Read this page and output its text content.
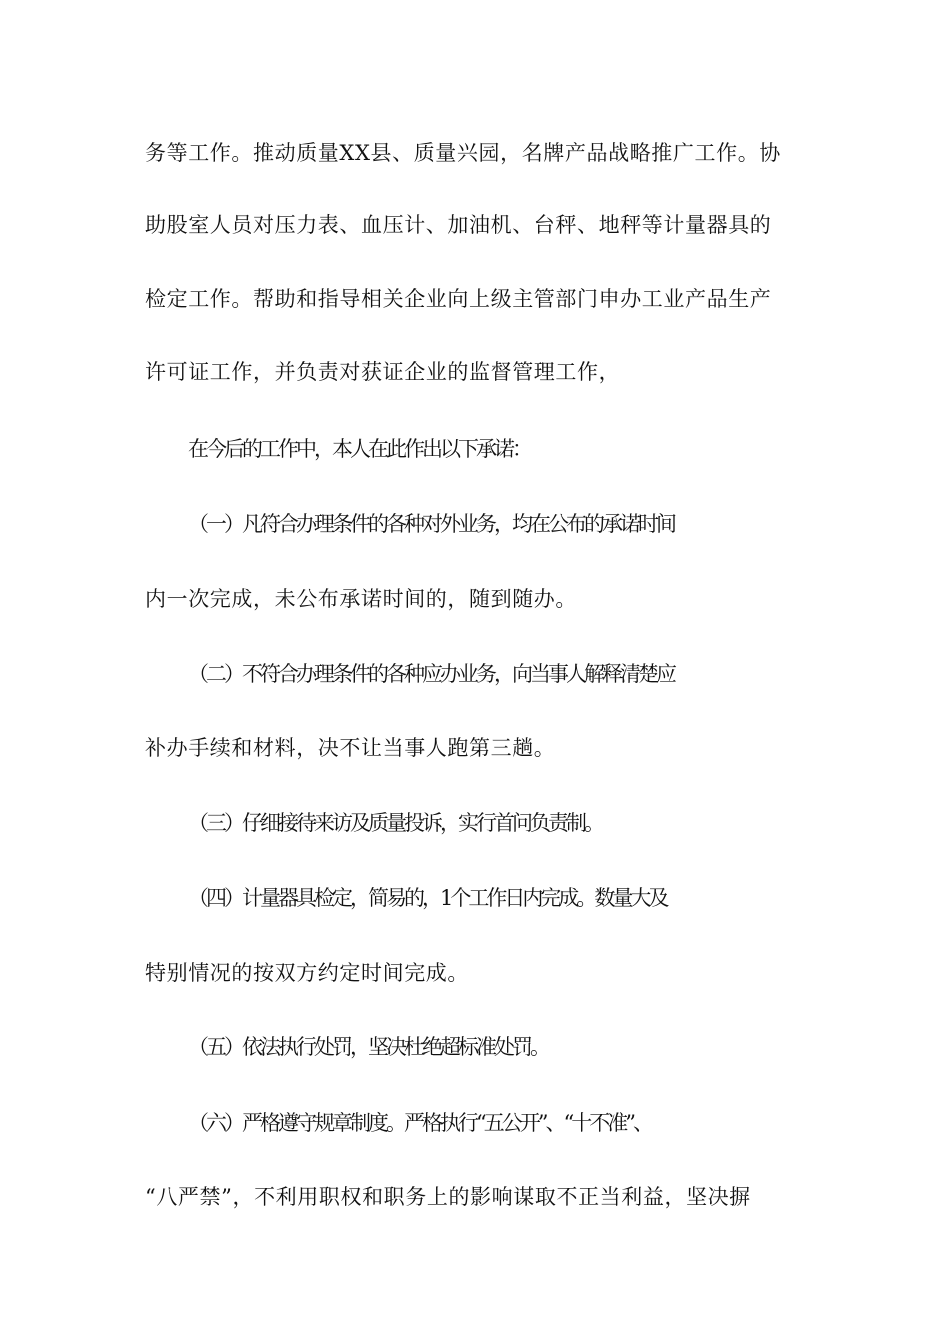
务等工作。推动质量XX县、质量兴园，名牌产品战略推广工作。协

助股室人员对压力表、血压计、加油机、台秤、地秤等计量器具的

检定工作。帮助和指导相关企业向上级主管部门申办工业产品生产

许可证工作，并负责对获证企业的监督管理工作，

在今后的工作中，本人在此作出以下承诺：

（一）凡符合办理条件的各种对外业务，均在公布的承诺时间

内一次完成，未公布承诺时间的，随到随办。

（二）不符合办理条件的各种应办业务，向当事人解释清楚应

补办手续和材料，决不让当事人跑第三趟。

（三）仔细接待来访及质量投诉，实行首问负责制。

（四）计量器具检定，简易的，1个工作日内完成。数量大及

特别情况的按双方约定时间完成。

（五）依法执行处罚，坚决杜绝超标准处罚。

（六）严格遵守规章制度。严格执行“五公开”、“十不准”、

“八严禁”，不利用职权和职务上的影响谋取不正当利益，坚决摒
